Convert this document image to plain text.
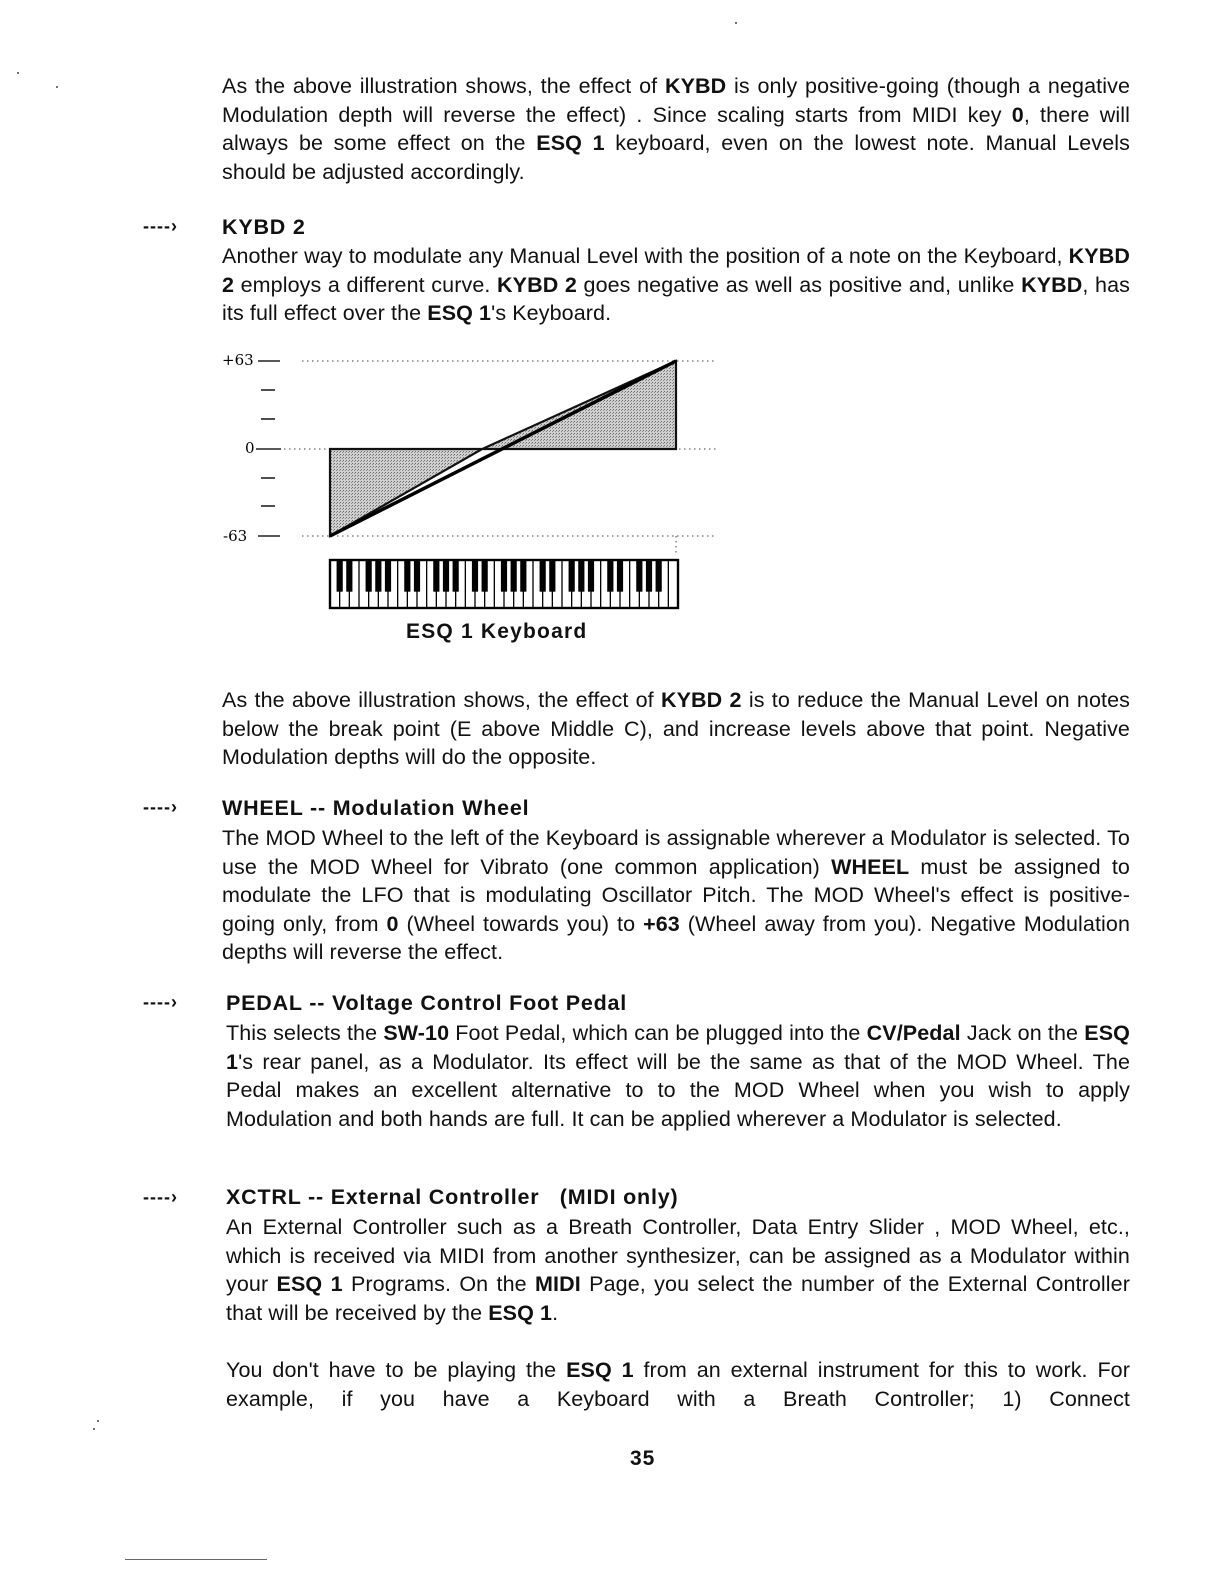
As the above illustration shows, the effect of KYBD is only positive-going (though a negative Modulation depth will reverse the effect) . Since scaling starts from MIDI key 0, there will always be some effect on the ESQ 1 keyboard, even on the lowest note. Manual Levels should be adjusted accordingly.
----› KYBD 2
Another way to modulate any Manual Level with the position of a note on the Keyboard, KYBD 2 employs a different curve. KYBD 2 goes negative as well as positive and, unlike KYBD, has its full effect over the ESQ 1's Keyboard.
+63
0
-63
ESQ 1 Keyboard
As the above illustration shows, the effect of KYBD 2 is to reduce the Manual Level on notes below the break point (E above Middle C), and increase levels above that point. Negative Modulation depths will do the opposite.
----› WHEEL -- Modulation Wheel
The MOD Wheel to the left of the Keyboard is assignable wherever a Modulator is selected. To use the MOD Wheel for Vibrato (one common application) WHEEL must be assigned to modulate the LFO that is modulating Oscillator Pitch. The MOD Wheel's effect is positive-going only, from 0 (Wheel towards you) to +63 (Wheel away from you). Negative Modulation depths will reverse the effect.
----› PEDAL -- Voltage Control Foot Pedal
This selects the SW-10 Foot Pedal, which can be plugged into the CV/Pedal Jack on the ESQ 1's rear panel, as a Modulator. Its effect will be the same as that of the MOD Wheel. The Pedal makes an excellent alternative to to the MOD Wheel when you wish to apply Modulation and both hands are full. It can be applied wherever a Modulator is selected.
----› XCTRL -- External Controller   (MIDI only)
An External Controller such as a Breath Controller, Data Entry Slider , MOD Wheel, etc., which is received via MIDI from another synthesizer, can be assigned as a Modulator within your ESQ 1 Programs. On the MIDI Page, you select the number of the External Controller that will be received by the ESQ 1.
You don't have to be playing the ESQ 1 from an external instrument for this to work. For example, if you have a Keyboard with a Breath Controller; 1) Connect
35
